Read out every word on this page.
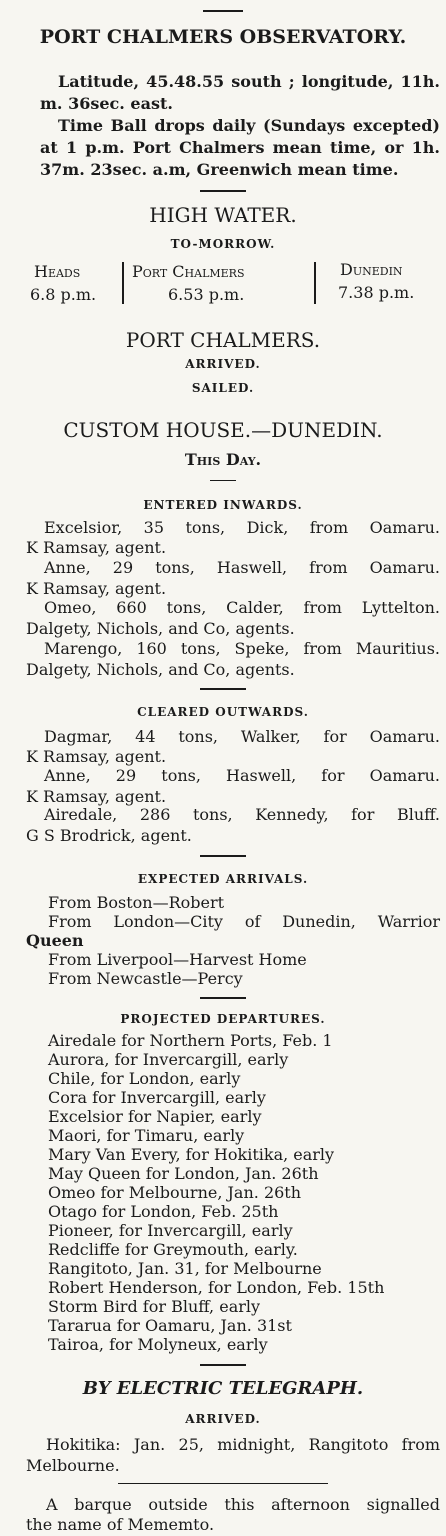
PORT CHALMERS OBSERVATORY.
Latitude, 45.48.55 south ; longitude, 11h.
m. 36sec. east.
Time Ball drops daily (Sundays excepted)
at 1 p.m. Port Chalmers mean time, or 1h.
37m. 23sec. a.m, Greenwich mean time.
HIGH WATER.
TO-MORROW.
Heads
6.8 p.m.
Port Chalmers
6.53 p.m.
Dunedin
7.38 p.m.
PORT CHALMERS.
ARRIVED.
SAILED.
CUSTOM HOUSE.—DUNEDIN.
This Day.
ENTERED INWARDS.
Excelsior, 35 tons, Dick, from Oamaru.
K Ramsay, agent.
Anne, 29 tons, Haswell, from Oamaru.
K Ramsay, agent.
Omeo, 660 tons, Calder, from Lyttelton.
Dalgety, Nichols, and Co, agents.
Marengo, 160 tons, Speke, from Mauritius.
Dalgety, Nichols, and Co, agents.
CLEARED OUTWARDS.
Dagmar, 44 tons, Walker, for Oamaru.
K Ramsay, agent.
Anne, 29 tons, Haswell, for Oamaru.
K Ramsay, agent.
Airedale, 286 tons, Kennedy, for Bluff.
G S Brodrick, agent.
EXPECTED ARRIVALS.
From Boston—Robert
From London—City of Dunedin, Warrior
Queen
From Liverpool—Harvest Home
From Newcastle—Percy
PROJECTED DEPARTURES.
Airedale for Northern Ports, Feb. 1
Aurora, for Invercargill, early
Chile, for London, early
Cora for Invercargill, early
Excelsior for Napier, early
Maori, for Timaru, early
Mary Van Every, for Hokitika, early
May Queen for London, Jan. 26th
Omeo for Melbourne, Jan. 26th
Otago for London, Feb. 25th
Pioneer, for Invercargill, early
Redcliffe for Greymouth, early.
Rangitoto, Jan. 31, for Melbourne
Robert Henderson, for London, Feb. 15th
Storm Bird for Bluff, early
Tararua for Oamaru, Jan. 31st
Tairoa, for Molyneux, early
BY ELECTRIC TELEGRAPH.
ARRIVED.
Hokitika: Jan. 25, midnight, Rangitoto from
Melbourne.
A barque outside this afternoon signalled
the name of Mememto.
